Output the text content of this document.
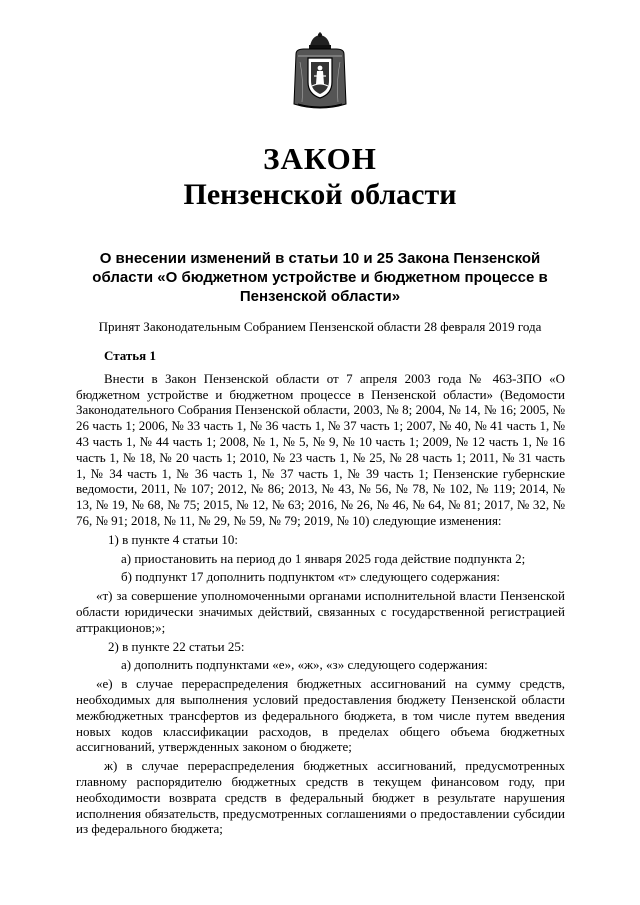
ЗАКОН
Пензенской области
О внесении изменений в статьи 10 и 25 Закона Пензенской области «О бюджетном устройстве и бюджетном процессе в Пензенской области»
Принят Законодательным Собранием Пензенской области 28 февраля 2019 года

Статья 1

Внести в Закон Пензенской области от 7 апреля 2003 года № 463-ЗПО «О бюджетном устройстве и бюджетном процессе в Пензенской области» (Ведомости Законодательного Собрания Пензенской области, 2003, № 8; 2004, № 14, № 16; 2005, № 26 часть 1; 2006, № 33 часть 1, № 36 часть 1, № 37 часть 1; 2007, № 40, № 41 часть 1, № 43 часть 1, № 44 часть 1; 2008, № 1, № 5, № 9, № 10 часть 1; 2009, № 12 часть 1, № 16 часть 1, № 18, № 20 часть 1; 2010, № 23 часть 1, № 25, № 28 часть 1; 2011, № 31 часть 1, № 34 часть 1, № 36 часть 1, № 37 часть 1, № 39 часть 1; Пензенские губернские ведомости, 2011, № 107; 2012, № 86; 2013, № 43, № 56, № 78, № 102, № 119; 2014, № 13, № 19, № 68, № 75; 2015, № 12, № 63; 2016, № 26, № 46, № 64, № 81; 2017, № 32, № 76, № 91; 2018, № 11, № 29, № 59, № 79; 2019, № 10) следующие изменения:

1) в пункте 4 статьи 10:

а) приостановить на период до 1 января 2025 года действие подпункта 2;

б) подпункт 17 дополнить подпунктом «т» следующего содержания:

«т) за совершение уполномоченными органами исполнительной власти Пензенской области юридически значимых действий, связанных с государственной регистрацией аттракционов;»;

2) в пункте 22 статьи 25:

а) дополнить подпунктами «е», «ж», «з» следующего содержания:

«е) в случае перераспределения бюджетных ассигнований на сумму средств, необходимых для выполнения условий предоставления бюджету Пензенской области межбюджетных трансфертов из федерального бюджета, в том числе путем введения новых кодов классификации расходов, в пределах общего объема бюджетных ассигнований, утвержденных законом о бюджете;

ж) в случае перераспределения бюджетных ассигнований, предусмотренных главному распорядителю бюджетных средств в текущем финансовом году, при необходимости возврата средств в федеральный бюджет в результате нарушения исполнения обязательств, предусмотренных соглашениями о предоставлении субсидии из федерального бюджета;
